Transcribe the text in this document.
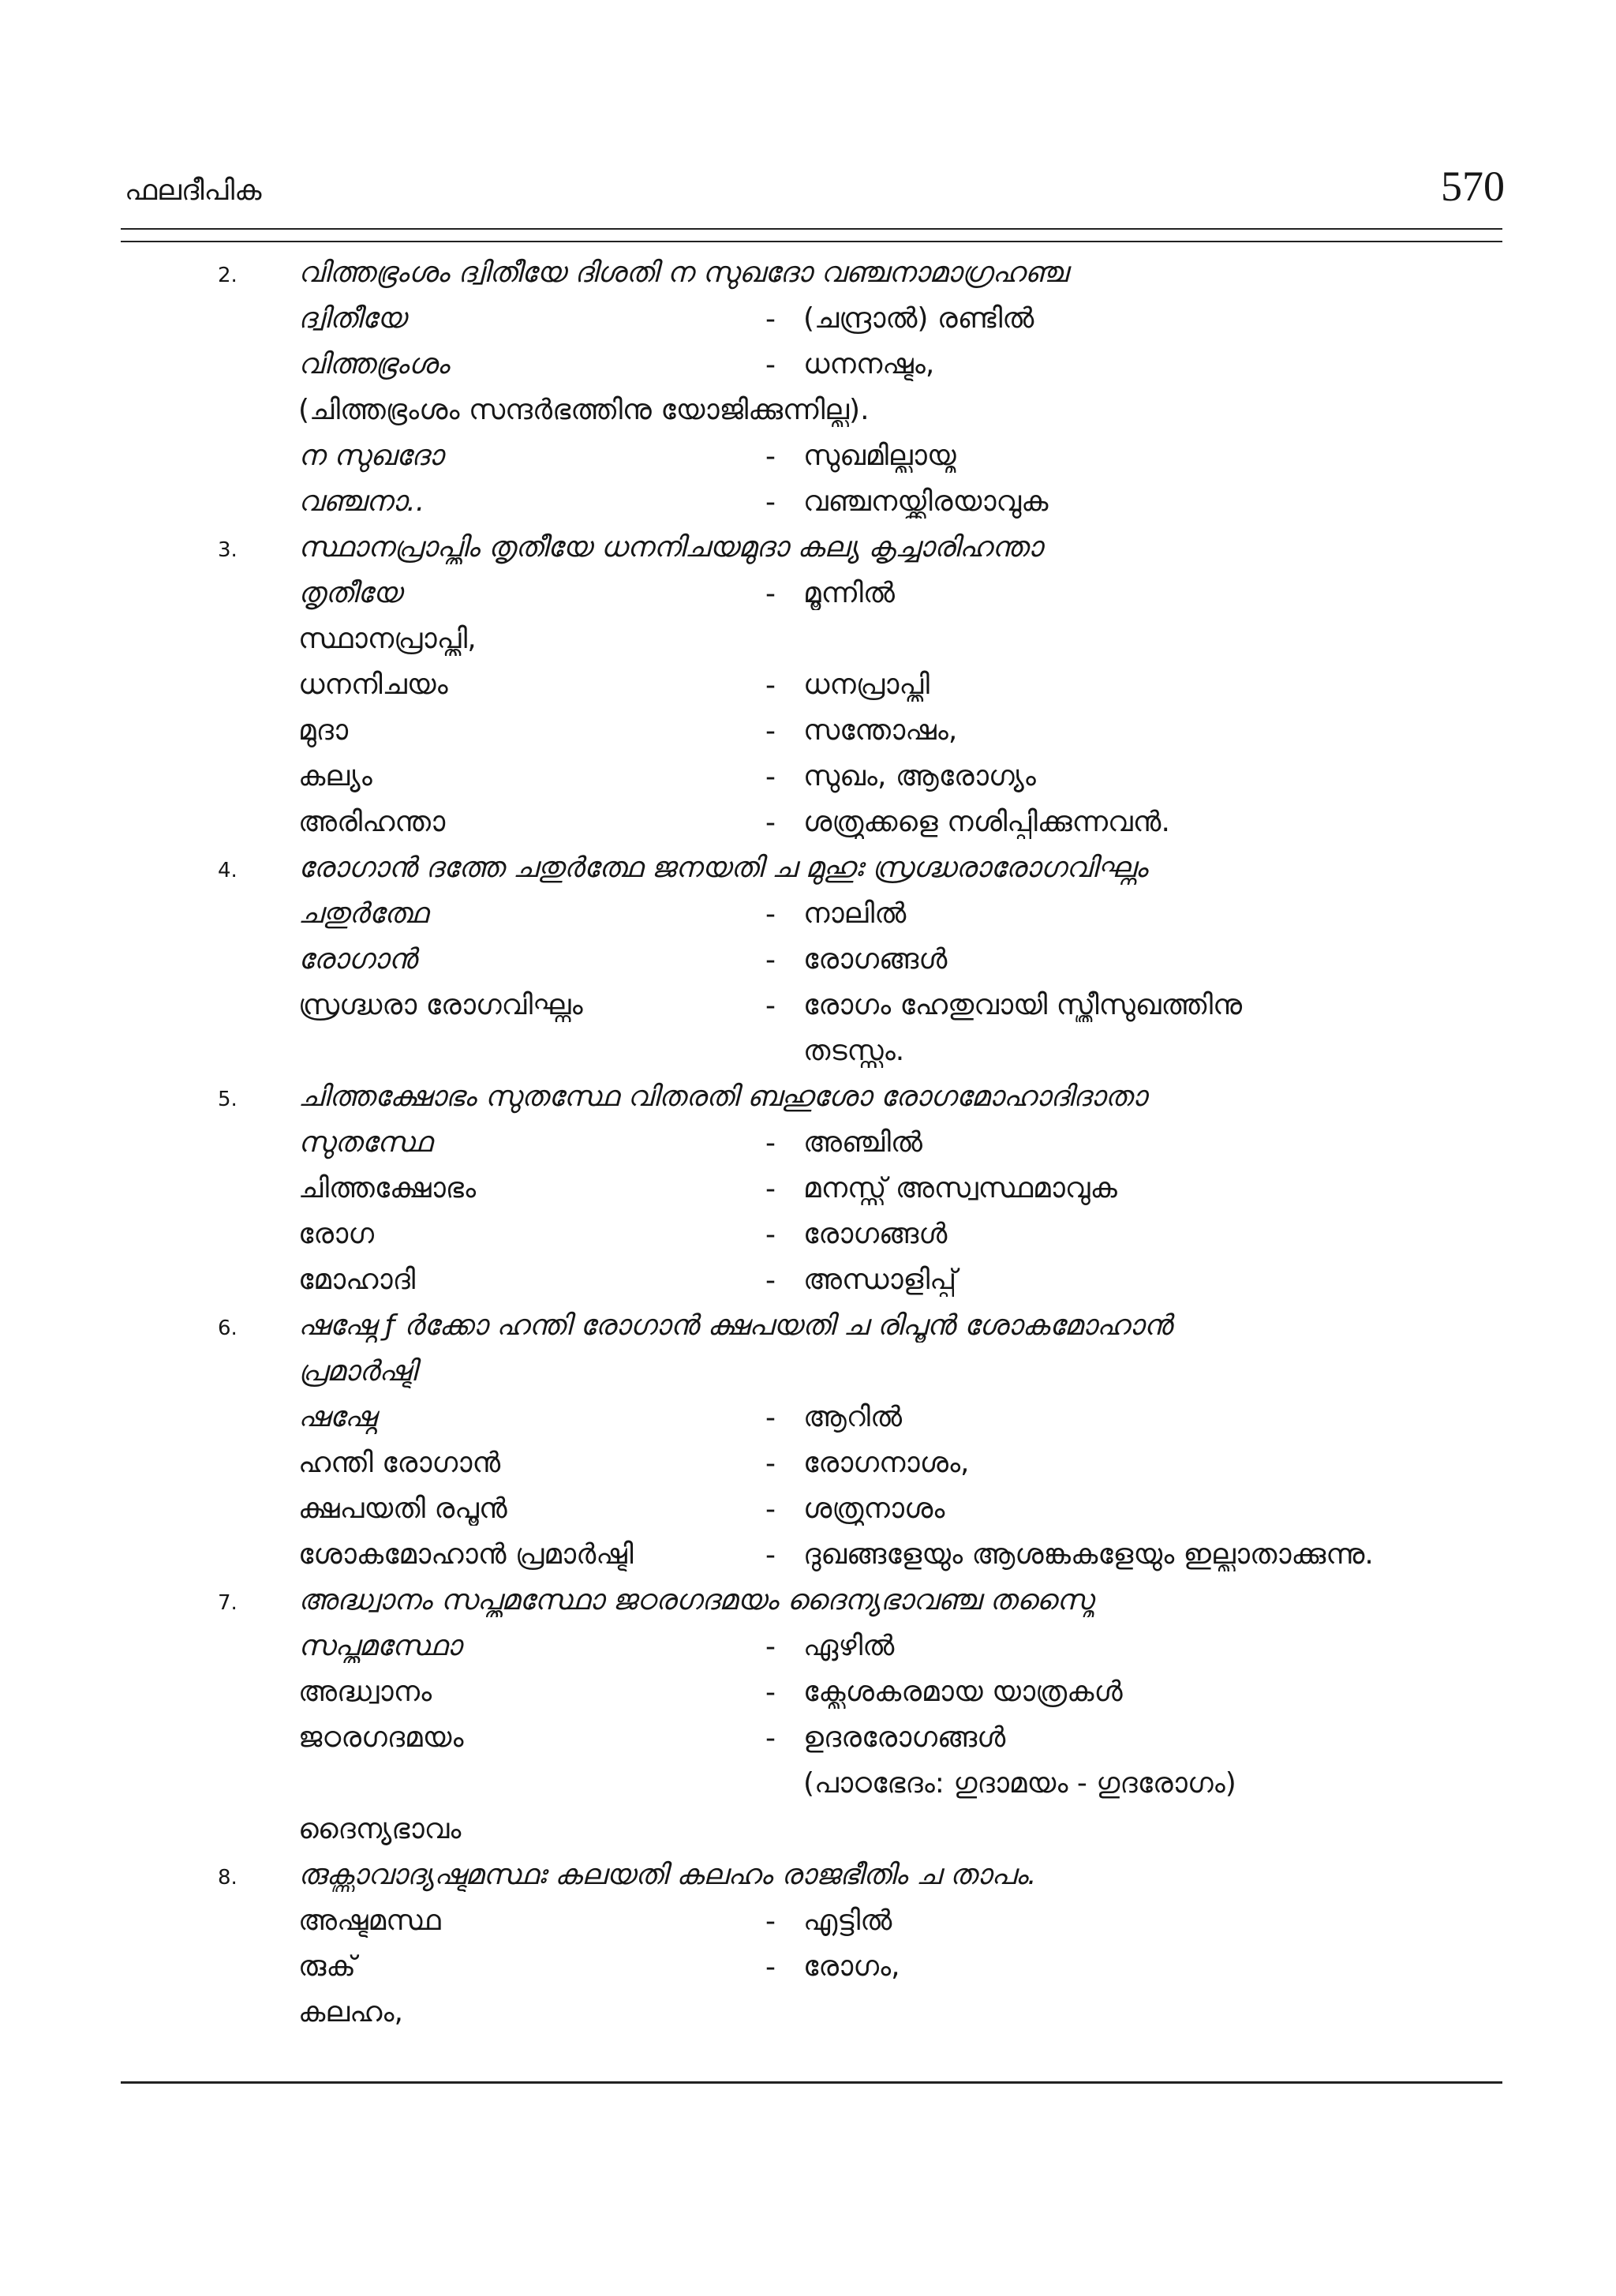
ഫലദീപിക	570
2.	വിത്തഭ്രംശം ദ്വിതീയേ ദിശതി ന സുഖദോ വഞ്ചനാമാഗ്രഹഞ്ച
ദ്വിതീയേ	- (ചന്ദ്രാൽ) രണ്ടിൽ
വിത്തഭ്രംശം	- ധനനഷ്ടം,
(ചിത്തഭ്രംശം സന്ദർഭത്തിനു യോജിക്കുന്നില്ല).
ന സുഖദോ	- സുഖമില്ലായ്മ
വഞ്ചനാ..	- വഞ്ചനയ്ക്കിരയാവുക
3.	സ്ഥാനപ്രാപ്തിം തൃതീയേ ധനനിചയമുദാ കല്യ കൃച്ചാരിഹന്താ
തൃതീയേ	- മൂന്നിൽ
സ്ഥാനപ്രാപ്തി,
ധനനിചയം	- ധനപ്രാപ്തി
മുദാ	- സന്തോഷം,
കല്യം	- സുഖം, ആരോഗ്യം
അരിഹന്താ	- ശത്രുക്കളെ നശിപ്പിക്കുന്നവൻ.
4.	രോഗാൻ ദത്തേ ചതുർത്ഥേ ജനയതി ച മുഹുഃ സ്രഗ്ദ്ധരാരോഗവിഘ്നം
ചതുർത്ഥേ	- നാലിൽ
രോഗാൻ	- രോഗങ്ങൾ
സ്രഗ്ദ്ധരാ രോഗവിഘ്നം	- രോഗം ഹേതുവായി സ്ത്രീസുഖത്തിനു
തടസ്സം.
5.	ചിത്തക്ഷോഭം സുതസ്ഥേ വിതരതി ബഹുശോ രോഗമോഹാദിദാതാ
സുതസ്ഥേ	- അഞ്ചിൽ
ചിത്തക്ഷോഭം	- മനസ്സ് അസ്വസ്ഥമാവുക
രോഗ	- രോഗങ്ങൾ
മോഹാദി	- അന്ധാളിപ്പ്
6.	ഷഷ്ഠേ ƒ ർക്കോ ഹന്തി രോഗാൻ ക്ഷപയതി ച രിപൂൻ ശോകമോഹാൻ
പ്രമാർഷ്ടി
ഷഷ്ഠേ	- ആറിൽ
ഹന്തി രോഗാൻ	- രോഗനാശം,
ക്ഷപയതി രപൂൻ	- ശത്രുനാശം
ശോകമോഹാൻ പ്രമാർഷ്ടി	- ദുഖങ്ങളേയും ആശങ്കകളേയും ഇല്ലാതാക്കുന്നു.
7.	അദ്ധ്വാനം സപ്തമസ്ഥോ ജഠരഗദമയം ദൈന്യഭാവഞ്ച തസ്മൈ
സപ്തമസ്ഥോ	- ഏഴിൽ
അദ്ധ്വാനം	- ക്ലേശകരമായ യാത്രകൾ
ജഠരഗദമയം	- ഉദരരോഗങ്ങൾ
(പാഠഭേദം: ഗുദാമയം - ഗുദരോഗം)
ദൈന്യഭാവം
8.	രുക്സ്രാവാദ്യഷ്ടമസ്ഥഃ കലയതി കലഹം രാജഭീതിം ച താപം.
അഷ്ടമസ്ഥ	- എട്ടിൽ
രുക്	- രോഗം,
കലഹം,
